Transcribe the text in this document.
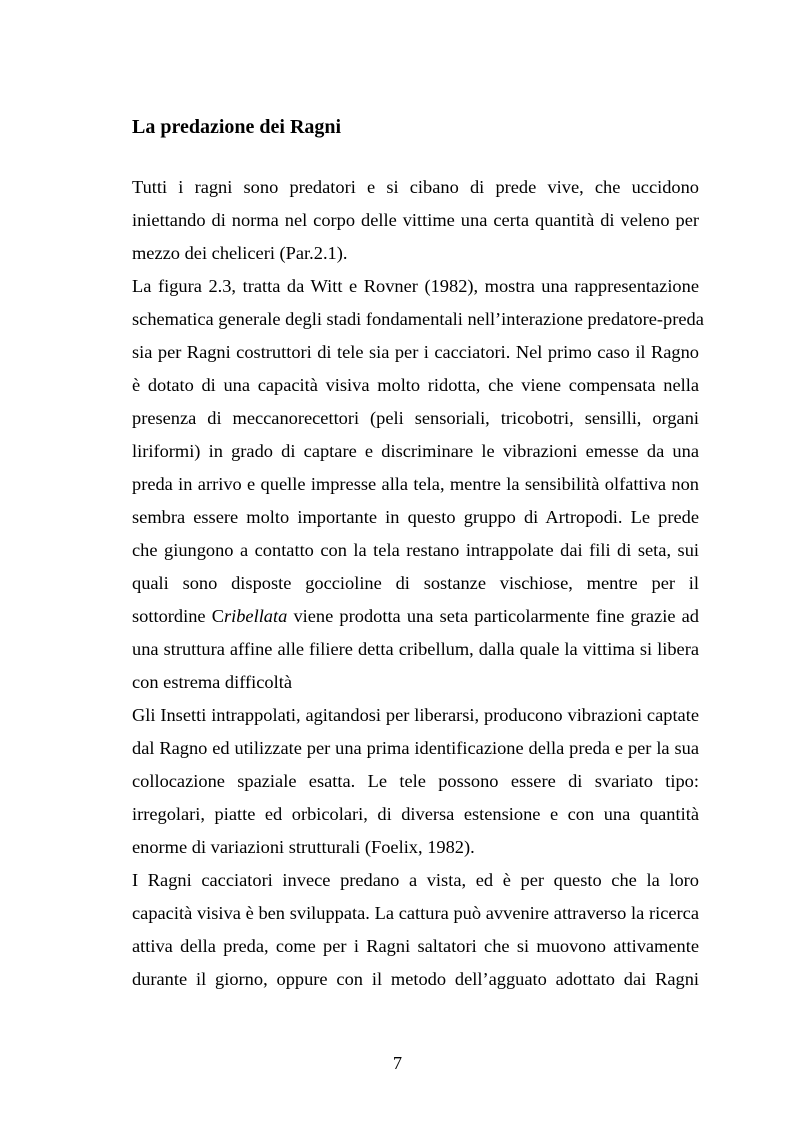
La predazione dei Ragni
Tutti i ragni sono predatori e si cibano di prede vive, che uccidono
iniettando di norma nel corpo delle vittime una certa quantità di veleno per
mezzo dei cheliceri (Par.2.1).
La figura 2.3, tratta da Witt e Rovner (1982), mostra una rappresentazione
schematica generale degli stadi fondamentali nell’interazione predatore-preda
sia per Ragni costruttori di tele sia per i cacciatori. Nel primo caso il Ragno
è dotato di una capacità visiva molto ridotta, che viene compensata nella
presenza di meccanorecettori (peli sensoriali, tricobotri, sensilli, organi
liriformi) in grado di captare e discriminare le vibrazioni emesse da una
preda in arrivo e quelle impresse alla tela, mentre la sensibilità olfattiva non
sembra essere molto importante in questo gruppo di Artropodi. Le prede
che giungono a contatto con la tela restano intrappolate dai fili di seta, sui
quali sono disposte goccioline di sostanze vischiose, mentre per il
sottordine Cribellata viene prodotta una seta particolarmente fine grazie ad
una struttura affine alle filiere detta cribellum, dalla quale la vittima si libera
con estrema difficoltà
Gli Insetti intrappolati, agitandosi per liberarsi, producono vibrazioni captate
dal Ragno ed utilizzate per una prima identificazione della preda e per la sua
collocazione spaziale esatta. Le tele possono essere di svariato tipo:
irregolari, piatte ed orbicolari, di diversa estensione e con una quantità
enorme di variazioni strutturali (Foelix, 1982).
I Ragni cacciatori invece predano a vista, ed è per questo che la loro
capacità visiva è ben sviluppata. La cattura può avvenire attraverso la ricerca
attiva della preda, come per i Ragni saltatori che si muovono attivamente
durante il giorno, oppure con il metodo dell’agguato adottato dai Ragni
7
